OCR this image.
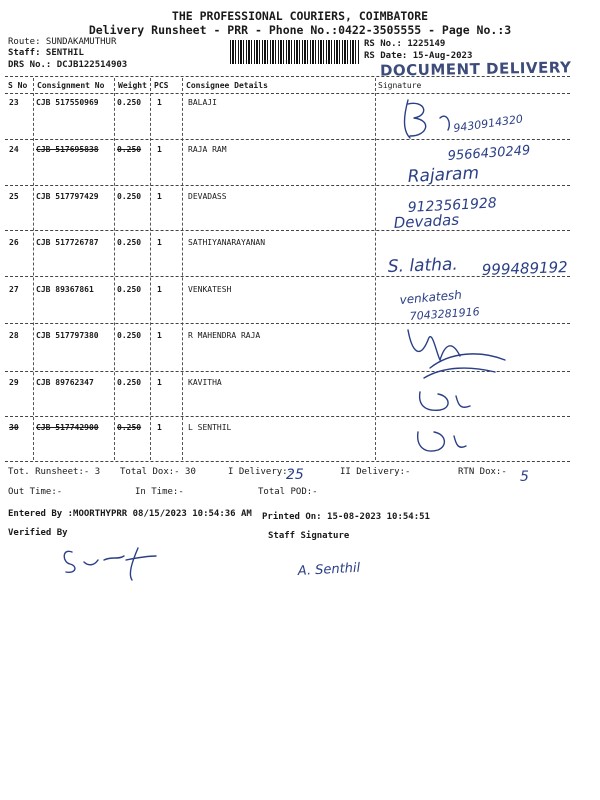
THE PROFESSIONAL COURIERS, COIMBATORE
Delivery Runsheet - PRR - Phone No.:0422-3505555 - Page No.:3
Route: SUNDAKAMUTHUR
Staff: SENTHIL
DRS No.: DCJB122514903
RS No.: 1225149
RS Date: 15-Aug-2023
DOCUMENT DELIVERY
S No Consignment No Weight PCS Consignee Details	Signature
23 CJB 517550969 0.250 1	BALAJI
24 CJB 517695838 0.250 1	RAJA RAM
25 CJB 517797429 0.250 1	DEVADASS
26 CJB 517726787 0.250 1	SATHIYANARAYANAN
27 CJB 89367861	0.250 1	VENKATESH
28 CJB 517797380 0.250 1	R MAHENDRA RAJA
29 CJB 89762347	0.250 1	KAVITHA
30 CJB 517742900 0.250 1	L SENTHIL
Tot. Runsheet:- 3 Total Dox:- 30	I Delivery:-	II Delivery:-	RTN Dox:-
Out Time:-	In Time:-	Total POD:-
Entered By :MOORTHYPRR 08/15/2023 10:54:36 AM Printed On: 15-08-2023 10:54:51
Verified By	Staff Signature
9430914320
9566430249
Rajaram
9123561928
Devadas
S. latha. 999489192
venkatesh
7043281916
25	5
A. Senthil
